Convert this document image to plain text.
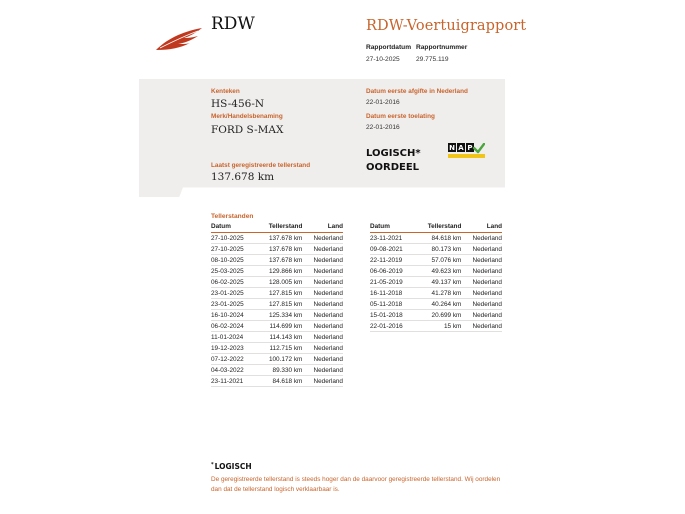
RDW	RDW-Voertuigrapport
Rapportdatum
27-10-2025
Rapportnummer
29.775.119
Kenteken
HS-456-N
Merk/Handelsbenaming
FORD S-MAX
Laatst geregistreerde tellerstand
137.678 km
Datum eerste afgifte in Nederland
22-01-2016
Datum eerste toelating
22-01-2016
LOGISCH*
OORDEEL
N A P
Tellerstanden
Datum	Tellerstand	Land
27-10-2025	137.678 km	Nederland
27-10-2025	137.678 km	Nederland
08-10-2025	137.678 km	Nederland
25-03-2025	129.866 km	Nederland
06-02-2025	128.005 km	Nederland
23-01-2025	127.815 km	Nederland
23-01-2025	127.815 km	Nederland
16-10-2024	125.334 km	Nederland
06-02-2024	114.699 km	Nederland
11-01-2024	114.143 km	Nederland
19-12-2023	112.715 km	Nederland
07-12-2022	100.172 km	Nederland
04-03-2022	89.330 km	Nederland
23-11-2021	84.618 km	Nederland
Datum	Tellerstand	Land
23-11-2021	84.618 km	Nederland
09-08-2021	80.173 km	Nederland
22-11-2019	57.076 km	Nederland
06-06-2019	49.623 km	Nederland
21-05-2019	49.137 km	Nederland
16-11-2018	41.278 km	Nederland
05-11-2018	40.264 km	Nederland
15-01-2018	20.699 km	Nederland
22-01-2016	15 km	Nederland
*LOGISCH
De geregistreerde tellerstand is steeds hoger dan de daarvoor geregistreerde tellerstand. Wij oordelen dan dat de tellerstand logisch verklaarbaar is.
